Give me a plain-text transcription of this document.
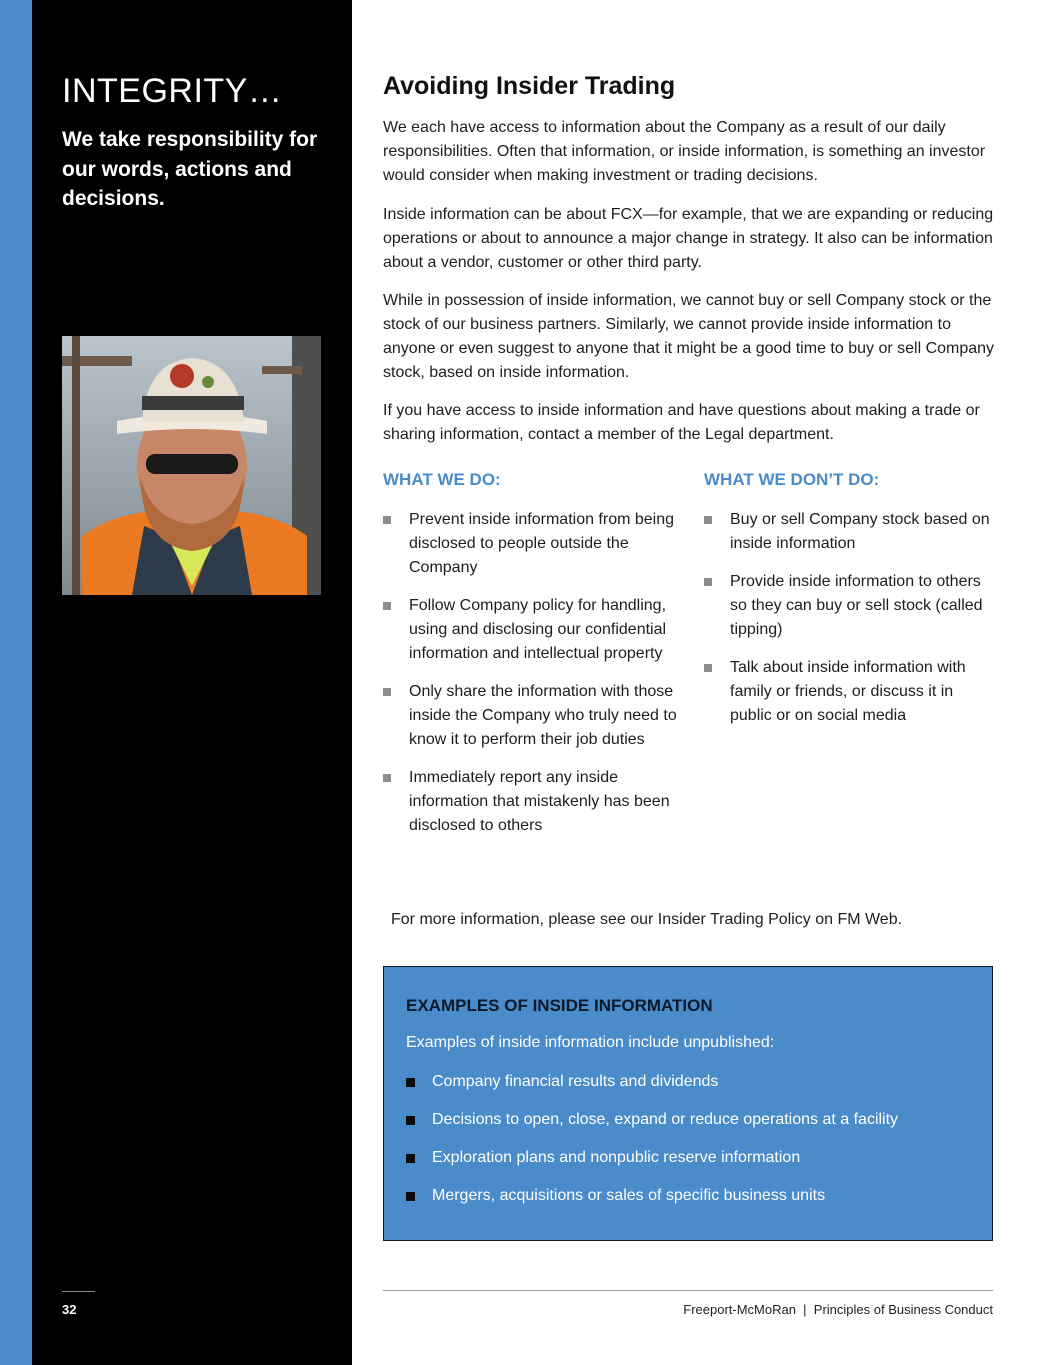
INTEGRITY…
We take responsibility for our words, actions and decisions.
32
Avoiding Insider Trading

We each have access to information about the Company as a result of our daily responsibilities. Often that information, or inside information, is something an investor would consider when making investment or trading decisions.

Inside information can be about FCX—for example, that we are expanding or reducing operations or about to announce a major change in strategy. It also can be information about a vendor, customer or other third party.

While in possession of inside information, we cannot buy or sell Company stock or the stock of our business partners. Similarly, we cannot provide inside information to anyone or even suggest to anyone that it might be a good time to buy or sell Company stock, based on inside information.

If you have access to inside information and have questions about making a trade or sharing information, contact a member of the Legal department.

WHAT WE DO:	WHAT WE DON’T DO:
Prevent inside information from being disclosed to people outside the Company
Follow Company policy for handling, using and disclosing our confidential information and intellectual property
Only share the information with those inside the Company who truly need to know it to perform their job duties
Immediately report any inside information that mistakenly has been disclosed to others
Buy or sell Company stock based on inside information
Provide inside information to others so they can buy or sell stock (called tipping)
Talk about inside information with family or friends, or discuss it in public or on social media
For more information, please see our Insider Trading Policy on FM Web.
EXAMPLES OF INSIDE INFORMATION
Examples of inside information include unpublished:
Company financial results and dividends
Decisions to open, close, expand or reduce operations at a facility
Exploration plans and nonpublic reserve information
Mergers, acquisitions or sales of specific business units
Freeport-McMoRan  |  Principles of Business Conduct
